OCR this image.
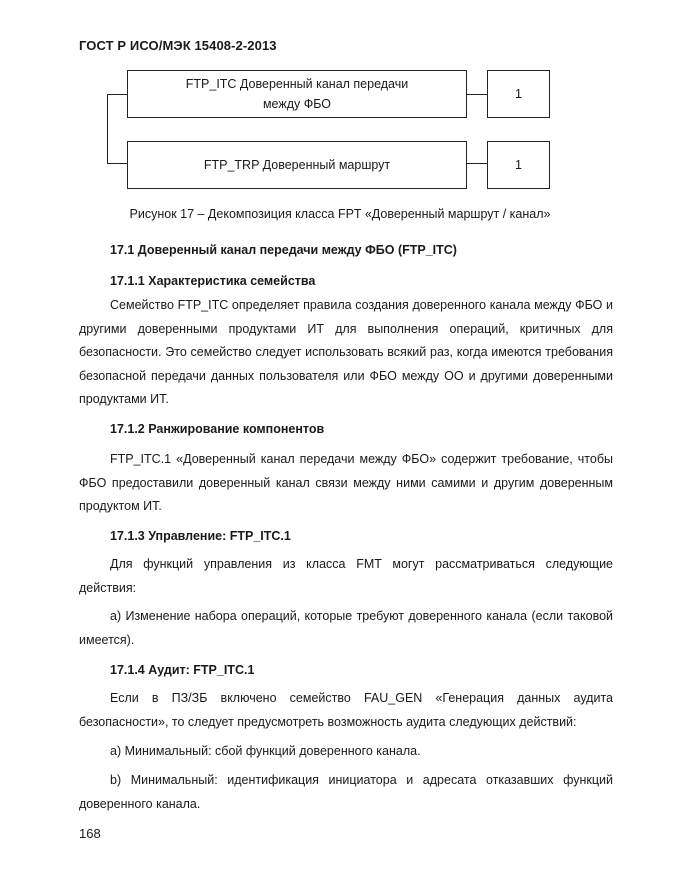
ГОСТ Р ИСО/МЭК 15408-2-2013
FTP_ITC Доверенный канал передачи
между ФБО
1
FTP_TRP Доверенный маршрут	1
Рисунок 17 – Декомпозиция класса FPT «Доверенный маршрут / канал»
17.1 Доверенный канал передачи между ФБО (FTP_ITC)
17.1.1 Характеристика семейства
Семейство FTP_ITC определяет правила создания доверенного канала между ФБО и другими доверенными продуктами ИТ для выполнения операций, критичных для безопасности. Это семейство следует использовать всякий раз, когда имеются требования безопасной передачи данных пользователя или ФБО между ОО и другими доверенными продуктами ИТ.
17.1.2 Ранжирование компонентов
FTP_ITC.1 «Доверенный канал передачи между ФБО» содержит требование, чтобы ФБО предоставили доверенный канал связи между ними самими и другим доверенным продуктом ИТ.
17.1.3 Управление: FTP_ITC.1
Для функций управления из класса FMT могут рассматриваться следующие действия:
a) Изменение набора операций, которые требуют доверенного канала (если таковой имеется).
17.1.4 Аудит: FTP_ITC.1
Если в ПЗ/ЗБ включено семейство FAU_GEN «Генерация данных аудита безопасности», то следует предусмотреть возможность аудита следующих действий:
a) Минимальный: сбой функций доверенного канала.
b) Минимальный: идентификация инициатора и адресата отказавших функций доверенного канала.
168
